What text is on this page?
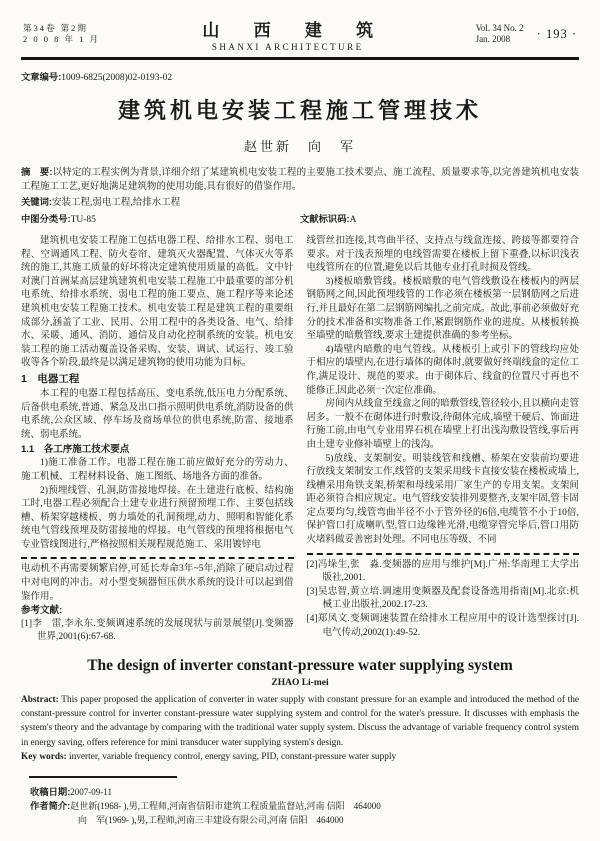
第34卷 第2期
2 0 0 8 年 1 月	山 西 建 筑
SHANXI ARCHITECTURE
Vol. 34 No. 2
Jan. 2008	· 193 ·
文章编号:1009-6825(2008)02-0193-02
建筑机电安装工程施工管理技术
赵世新　向　军
摘　要:以特定的工程实例为背景,详细介绍了某建筑机电安装工程的主要施工技术要点、施工流程、质量要求等,以完善建筑机电安装工程施工工艺,更好地满足建筑物的使用功能,具有很好的借鉴作用。
关键词:安装工程,弱电工程,给排水工程
中图分类号:TU-85	文献标识码:A
建筑机电安装工程施工包括电器工程、给排水工程、弱电工程、空调通风工程、防火卷帘、建筑灭火器配置、气体灭火等系统的施工,其施工质量的好坏将决定建筑使用质量的高低。文中针对澳门首洲某高层建筑建筑机电安装工程施工中最重要的部分机电系统、给排水系统、弱电工程的施工要点、施工程序等来论述建筑机电安装工程施工技术。机电安装工程是建筑工程的重要组成部分,涵盖了工业、民用、公用工程中的各类设备、电气、给排水、采暖、通风、消防、通信及自动化控制系统的安装。机电安装工程的施工活动覆盖设备采购、安装、调试、试运行、竣工验收等各个阶段,最终是以满足建筑物的使用功能为目标。
1　电器工程
本工程的电器工程包括高压、变电系统,低压电力分配系统、后备供电系统,普通、紧急及出口指示照明供电系统,消防设备的供电系统,公众区域、停车场及商场单位的供电系统,防雷、接地系统、弱电系统。
1.1　各工序施工技术要点
1)施工准备工作。电器工程在施工前应做好充分的劳动力、施工机械、工程材料设备、施工图纸、场地各方面的准备。
2)预埋线管、孔洞,防雷接地焊接。在土建进行底板、结构施工时,电器工程必须配合土建专业进行预留预埋工作、主要包括线槽、桥架穿越楼板、剪力墙处的孔洞预埋,动力、照明和智能化系统电气管线预埋及防雷接地的焊接。电气管线的预埋将根据电气专业管线图进行,严格按照相关规程规范施工、采用镀锌电
电动机不再需要频繁启停,可延长寿命3年~5年,消除了硬启动过程中对电网的冲击。对小型变频器恒压供水系统的设计可以起到借鉴作用。
参考文献:
[1]李　雷,李永东.变频调速系统的发展现状与前景展望[J].变频器世界,2001(6):67-68.
线管丝扣连接,其弯曲半径、支持点与线盒连接、跨接等都要符合要求。对于浅表预埋的电线管需要在楼板上留下重叠,以标识浅表电线管所在的位置,避免以后其他专业打孔时损及管线。
3)楼板暗敷管线。楼板暗敷的电气管线敷设在楼板内的两层钢筋网之间,因此预埋线管的工作必须在楼板第一层钢筋网之后进行,并且最好在第二层钢筋网编扎之前完成。故此,事前必须做好充分的技术准备和实物准备工作,紧跟钢筋作业的进度。从楼板转换至墙壁的暗敷管线,要求土建提供准确的参考坐标。
4)墙壁内暗敷的电气管线。从楼板引上或引下的管线均应处于相应的墙壁内,在进行墙体的砌体时,就要做好终端线盒的定位工作,满足设计、规范的要求。由于砌体后、线盒的位置尺寸再也不能修正,因此必须一次定位准确。
房间内从线盒至线盒之间的暗敷管线,管径较小,且以横向走管居多。一般不在砌体进行时敷设,待砌体完成,墙壁干硬后、饰面进行施工前,由电气专业用界石机在墙壁上打出浅沟敷设管线,事后再由土建专业修补墙壁上的浅沟。
5)放线、支架制安。明装线管和线槽、桥架在安装前均要进行放线支架制安工作,线管的支架采用线卡直接安装在楼板或墙上,线槽采用角铁支架,桥架和母线采用厂家生产的专用支架。支架间距必须符合相应规定。电气管线安装排列要整齐,支架牢固,管卡固定点要均匀,线管弯曲半径不小于管外径的6倍,电缆管不小于10倍,保护管口打成喇叭型,管口边缘锉光滑,电缆穿管完毕后,管口用防火堵料做妥善密封处理。不同电压等级、不同
[2]冯垛生,张　淼.变频器的应用与维护[M].广州:华南理工大学出版社,2001.
[3]吴忠智,黄立培.调速用变频器及配套设备选用指南[M].北京:机械工业出版社,2002.17-23.
[4]郑凤文.变频调速装置在给排水工程应用中的设计选型探讨[J].电气传动,2002(1):49-52.
The design of inverter constant-pressure water supplying system
ZHAO Li-mei
Abstract: This paper proposed the application of converter in water supply with constant pressure for an example and introduced the method of the constant-pressure control for inverter constant-pressure water supplying system and control for the water's pressure. It discusses with emphasis the system's theory and the advantage by comparing with the traditional water supply system. Discuss the advantage of variable frequency control system in energy saving, offers reference for mini transducer water supplying system's design.
Key words: inverter, variable frequency control, energy saving, PID, constant-pressure water supply
收稿日期:2007-09-11
作者简介:赵世新(1968- ),男,工程师,河南省信阳市建筑工程质量监督站,河南 信阳　464000
向　军(1969- ),男,工程师,河南三丰建设有限公司,河南 信阳　464000
